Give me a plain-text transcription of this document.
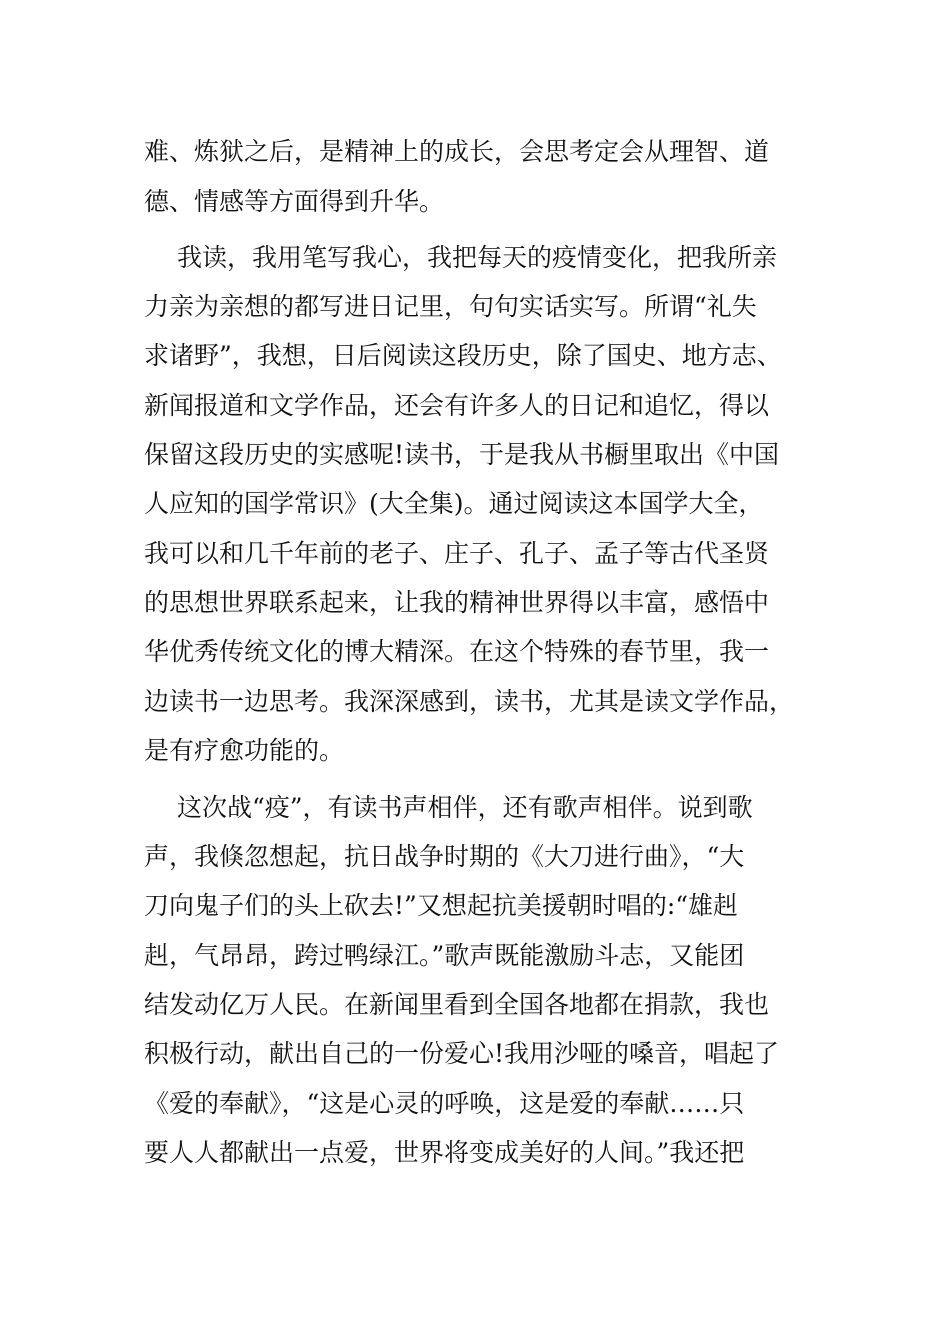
难、炼狱之后，是精神上的成长，会思考定会从理智、道
德、情感等方面得到升华。
我读，我用笔写我心，我把每天的疫情变化，把我所亲
力亲为亲想的都写进日记里，句句实话实写。所谓“礼失
求诸野”，我想，日后阅读这段历史，除了国史、地方志、
新闻报道和文学作品，还会有许多人的日记和追忆，得以
保留这段历史的实感呢!读书，于是我从书橱里取出《中国
人应知的国学常识》(大全集)。通过阅读这本国学大全，
我可以和几千年前的老子、庄子、孔子、孟子等古代圣贤
的思想世界联系起来，让我的精神世界得以丰富，感悟中
华优秀传统文化的博大精深。在这个特殊的春节里，我一
边读书一边思考。我深深感到，读书，尤其是读文学作品，
是有疗愈功能的。
这次战“疫”，有读书声相伴，还有歌声相伴。说到歌
声，我倏忽想起，抗日战争时期的《大刀进行曲》，“大
刀向鬼子们的头上砍去!”又想起抗美援朝时唱的:“雄赳
赳，气昂昂，跨过鸭绿江。”歌声既能激励斗志，又能团
结发动亿万人民。在新闻里看到全国各地都在捐款，我也
积极行动，献出自己的一份爱心!我用沙哑的嗓音，唱起了
《爱的奉献》，“这是心灵的呼唤，这是爱的奉献……只
要人人都献出一点爱，世界将变成美好的人间。”我还把
